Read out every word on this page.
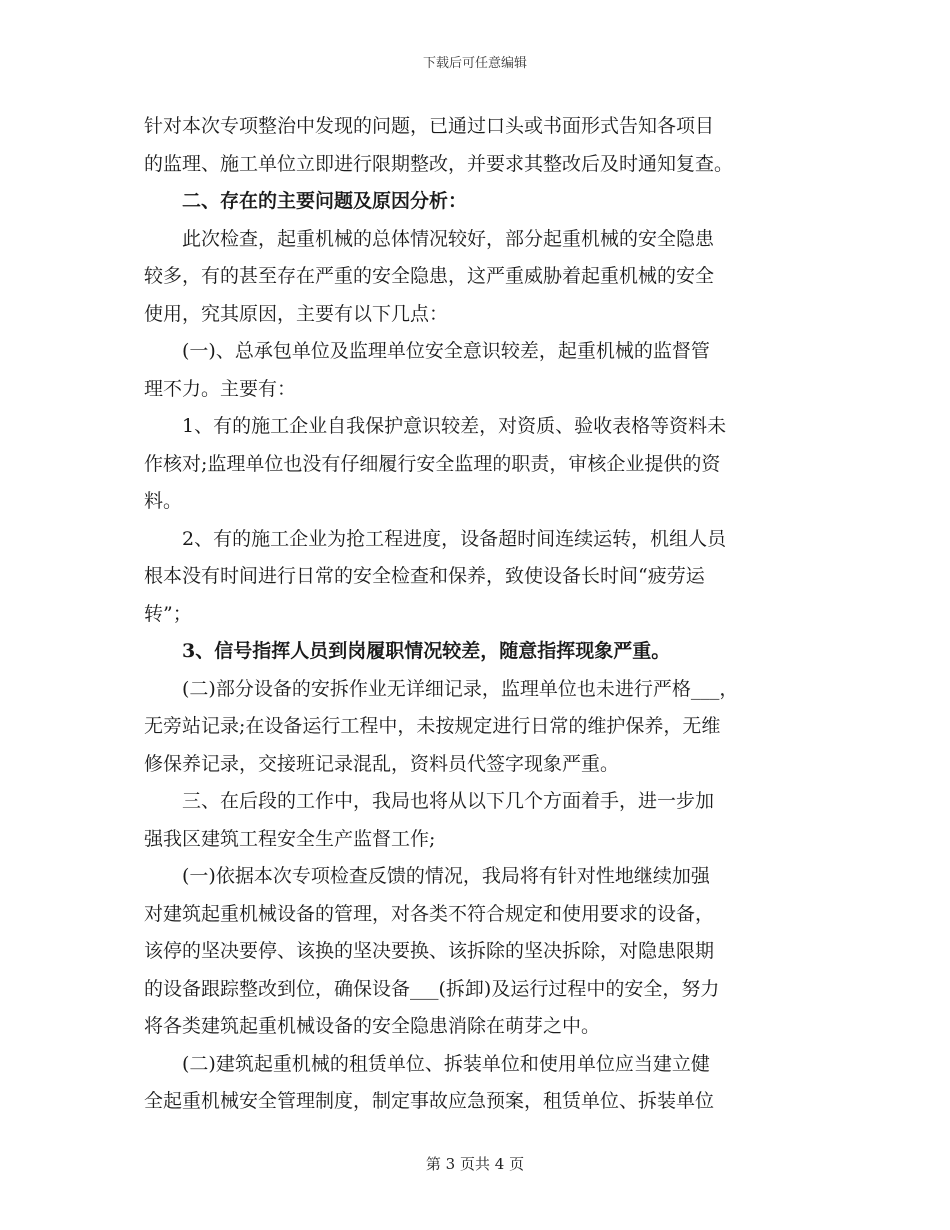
下载后可任意编辑
针对本次专项整治中发现的问题，已通过口头或书面形式告知各项目
的监理、施工单位立即进行限期整改，并要求其整改后及时通知复查。
二、存在的主要问题及原因分析：
此次检查，起重机械的总体情况较好，部分起重机械的安全隐患
较多，有的甚至存在严重的安全隐患，这严重威胁着起重机械的安全
使用，究其原因，主要有以下几点：
(一)、总承包单位及监理单位安全意识较差，起重机械的监督管
理不力。主要有：
1、有的施工企业自我保护意识较差，对资质、验收表格等资料未
作核对;监理单位也没有仔细履行安全监理的职责，审核企业提供的资
料。
2、有的施工企业为抢工程进度，设备超时间连续运转，机组人员
根本没有时间进行日常的安全检查和保养，致使设备长时间“疲劳运
转”；
3、信号指挥人员到岗履职情况较差，随意指挥现象严重。
(二)部分设备的安拆作业无详细记录，监理单位也未进行严格___，
无旁站记录;在设备运行工程中，未按规定进行日常的维护保养，无维
修保养记录，交接班记录混乱，资料员代签字现象严重。
三、在后段的工作中，我局也将从以下几个方面着手，进一步加
强我区建筑工程安全生产监督工作;
(一)依据本次专项检查反馈的情况，我局将有针对性地继续加强
对建筑起重机械设备的管理，对各类不符合规定和使用要求的设备，
该停的坚决要停、该换的坚决要换、该拆除的坚决拆除，对隐患限期
的设备跟踪整改到位，确保设备___(拆卸)及运行过程中的安全，努力
将各类建筑起重机械设备的安全隐患消除在萌芽之中。
(二)建筑起重机械的租赁单位、拆装单位和使用单位应当建立健
全起重机械安全管理制度，制定事故应急预案，租赁单位、拆装单位
第 3 页共 4 页
